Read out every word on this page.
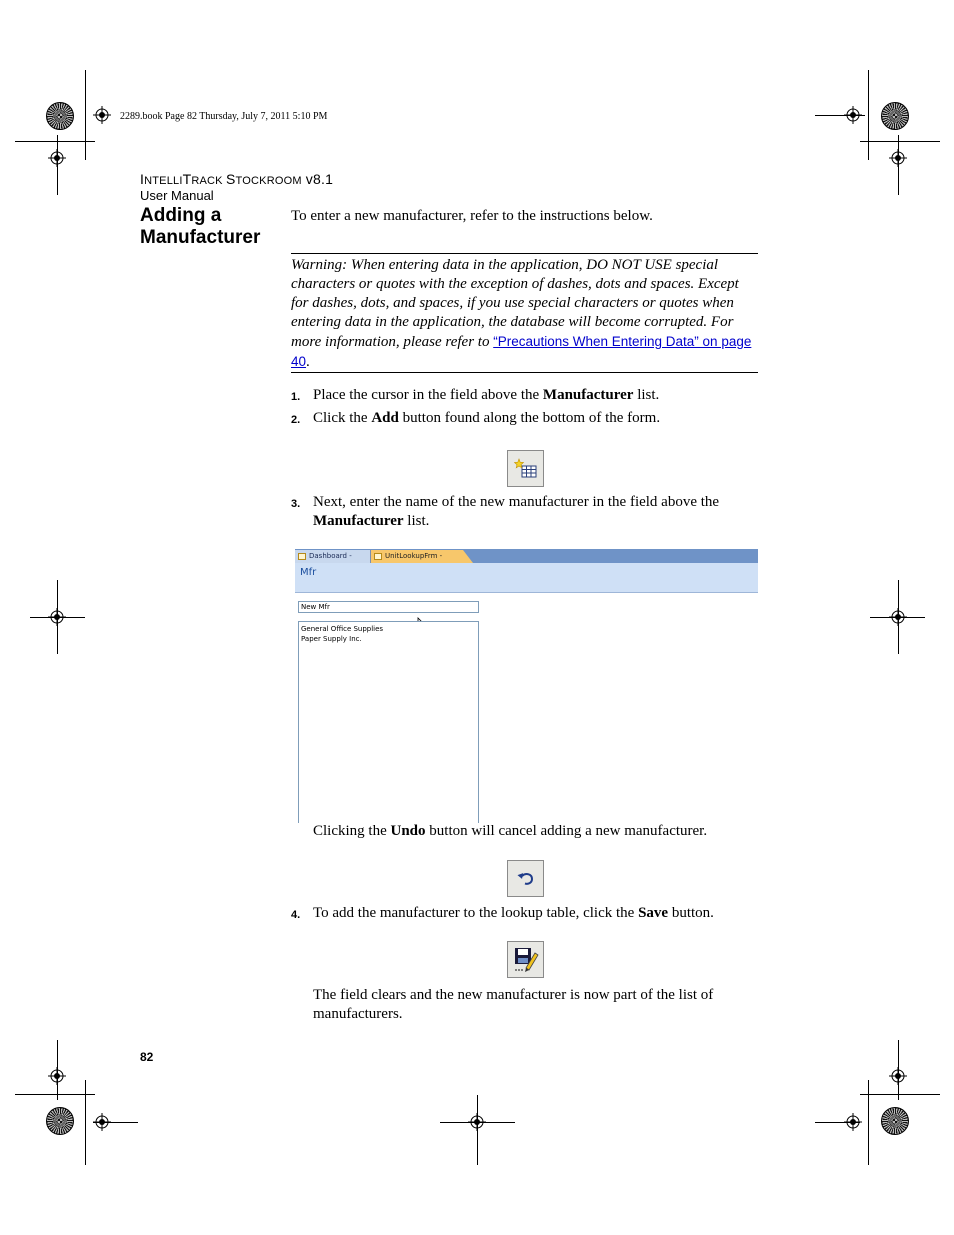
2289.book Page 82 Thursday, July 7, 2011 5:10 PM
INTELLITRACK STOCKROOM v8.1
User Manual
Adding a
Manufacturer
To enter a new manufacturer, refer to the instructions below.
Warning: When entering data in the application, DO NOT USE special characters or quotes with the exception of dashes, dots and spaces. Except for dashes, dots, and spaces, if you use special characters or quotes when entering data in the application, the database will become corrupted. For more information, please refer to “Precautions When Entering Data” on page 40.
1. Place the cursor in the field above the Manufacturer list.
2. Click the Add button found along the bottom of the form.
3. Next, enter the name of the new manufacturer in the field above the Manufacturer list.
Dashboard -	UnitLookupFrm -
Mfr
New Mfr
General Office Supplies
Paper Supply Inc.
Clicking the Undo button will cancel adding a new manufacturer.
4. To add the manufacturer to the lookup table, click the Save button.
The field clears and the new manufacturer is now part of the list of manufacturers.
82
